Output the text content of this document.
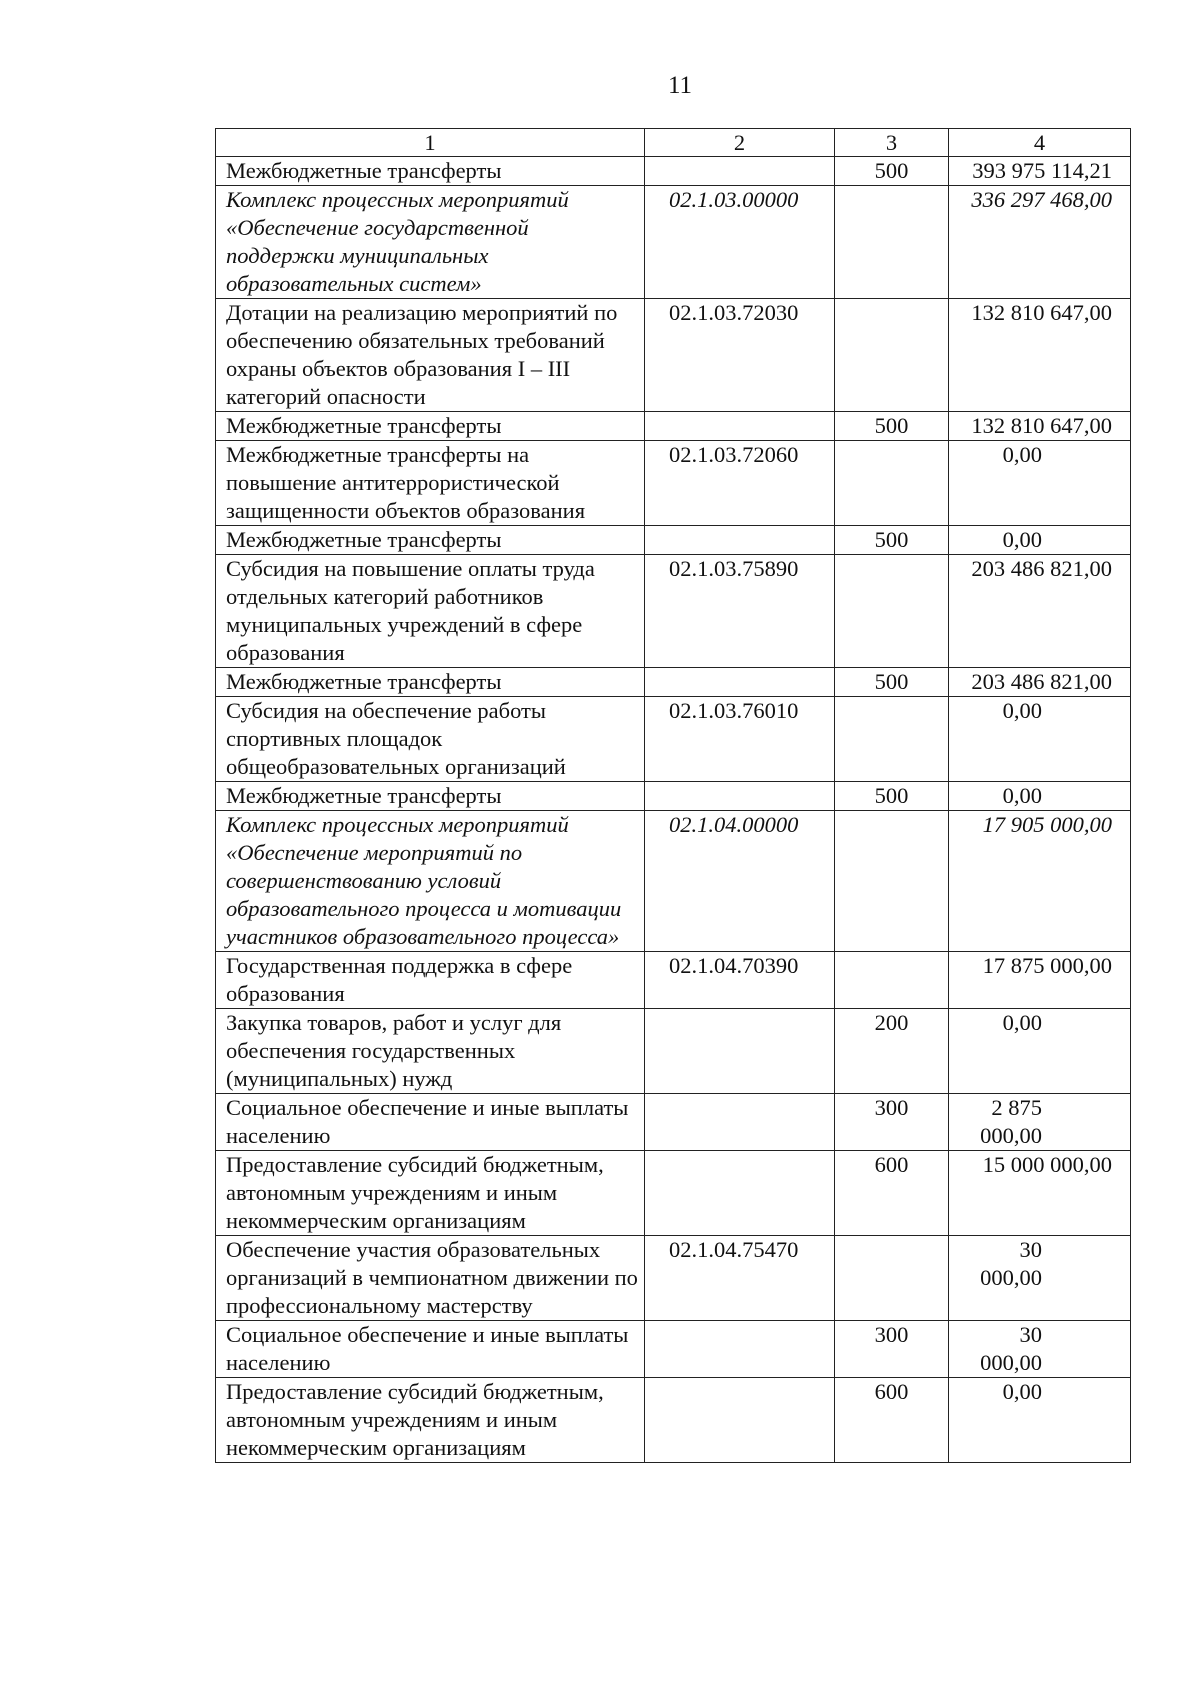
11
1	2	3	4
Межбюджетные трансферты		500	393 975 114,21
Комплекс процессных мероприятий «Обеспечение государственной поддержки муниципальных образовательных систем»	02.1.03.00000		336 297 468,00
Дотации на реализацию мероприятий по обеспечению обязательных требований охраны объектов образования I – III категорий опасности	02.1.03.72030		132 810 647,00
Межбюджетные трансферты		500	132 810 647,00
Межбюджетные трансферты на повышение антитеррористической защищенности объектов образования	02.1.03.72060		0,00
Межбюджетные трансферты		500	0,00
Субсидия на повышение оплаты труда отдельных категорий работников муниципальных учреждений в сфере образования	02.1.03.75890		203 486 821,00
Межбюджетные трансферты		500	203 486 821,00
Субсидия на обеспечение работы спортивных площадок общеобразовательных организаций	02.1.03.76010		0,00
Межбюджетные трансферты		500	0,00
Комплекс процессных мероприятий «Обеспечение мероприятий по совершенствованию условий образовательного процесса и мотивации участников образовательного процесса»	02.1.04.00000		17 905 000,00
Государственная поддержка в сфере образования	02.1.04.70390		17 875 000,00
Закупка товаров, работ и услуг для обеспечения государственных (муниципальных) нужд		200	0,00
Социальное обеспечение и иные выплаты населению		300	2 875 000,00
Предоставление субсидий бюджетным, автономным учреждениям и иным некоммерческим организациям		600	15 000 000,00
Обеспечение участия образовательных организаций в чемпионатном движении по профессиональному мастерству	02.1.04.75470		30 000,00
Социальное обеспечение и иные выплаты населению		300	30 000,00
Предоставление субсидий бюджетным, автономным учреждениям и иным некоммерческим организациям		600	0,00
